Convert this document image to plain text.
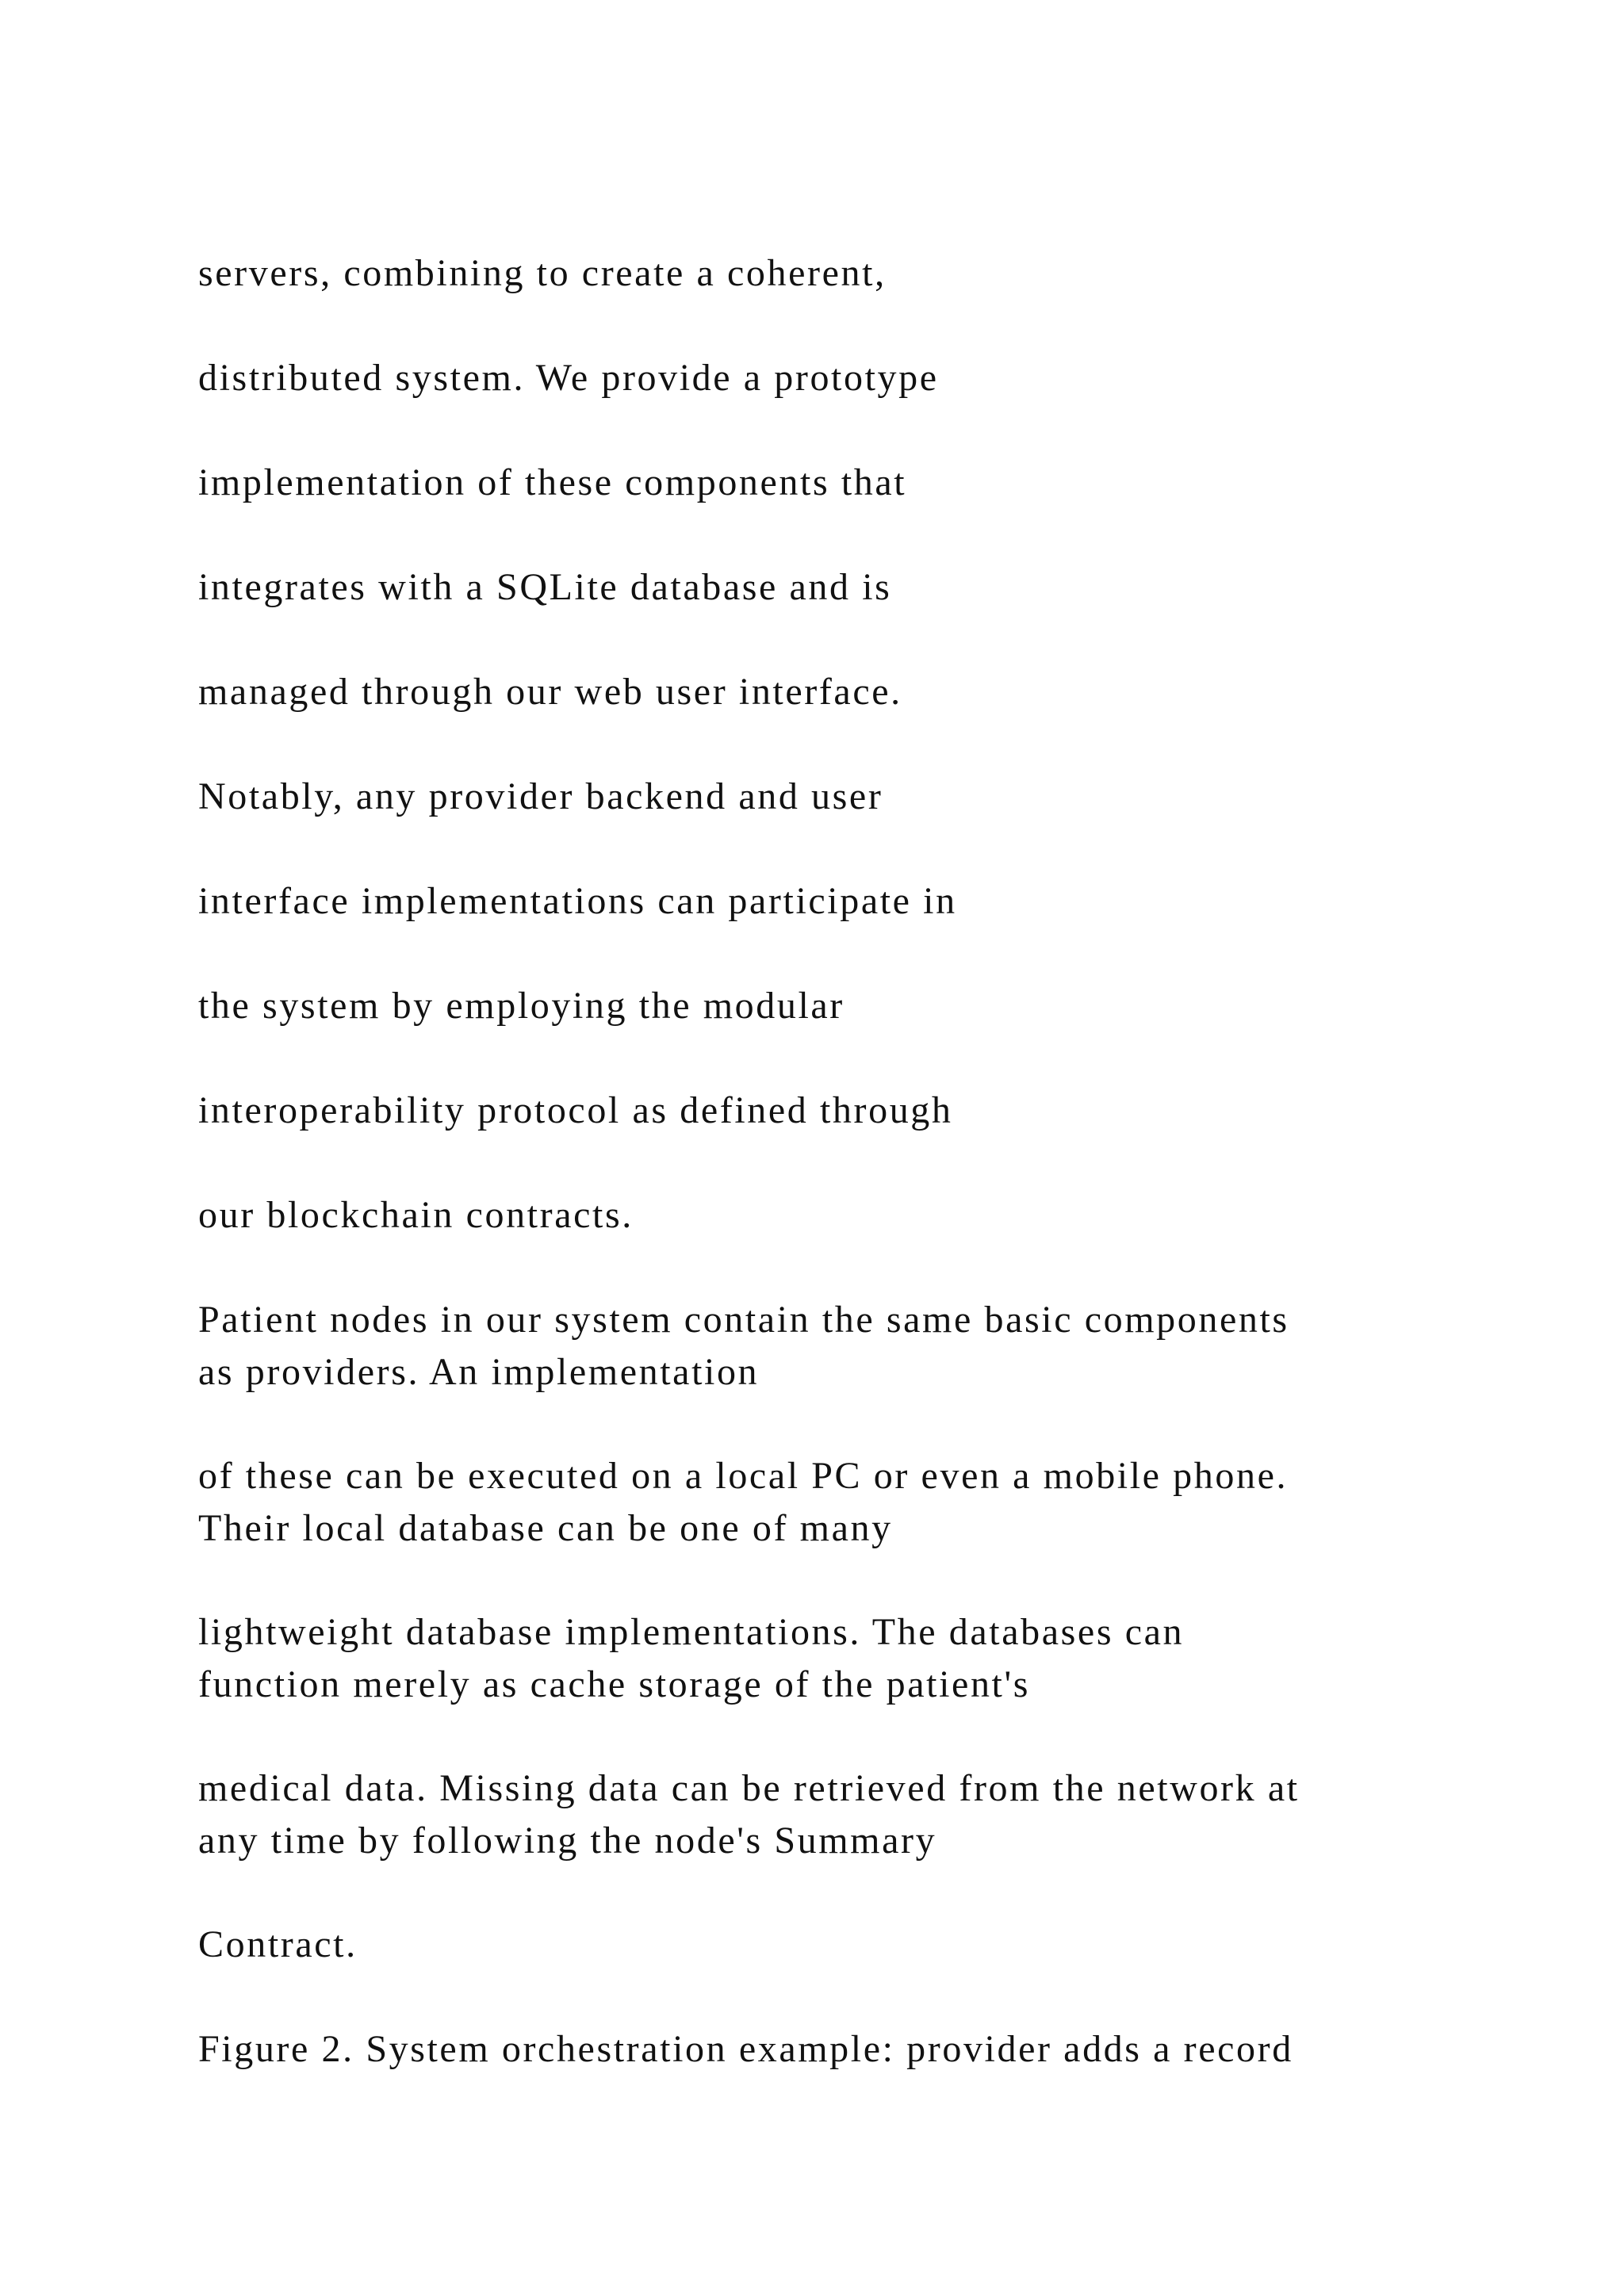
servers, combining to create a coherent,

distributed system. We provide a prototype

implementation of these components that

integrates with a SQLite database and is

managed through our web user interface.

Notably, any provider backend and user

interface implementations can participate in

the system by employing the modular

interoperability protocol as defined through

our blockchain contracts.

Patient nodes in our system contain the same basic components

as providers. An implementation

of these can be executed on a local PC or even a mobile phone.

Their local database can be one of many

lightweight database implementations. The databases can

function merely as cache storage of the patient's

medical data. Missing data can be retrieved from the network at

any time by following the node's Summary

Contract.

Figure 2. System orchestration example: provider adds a record
